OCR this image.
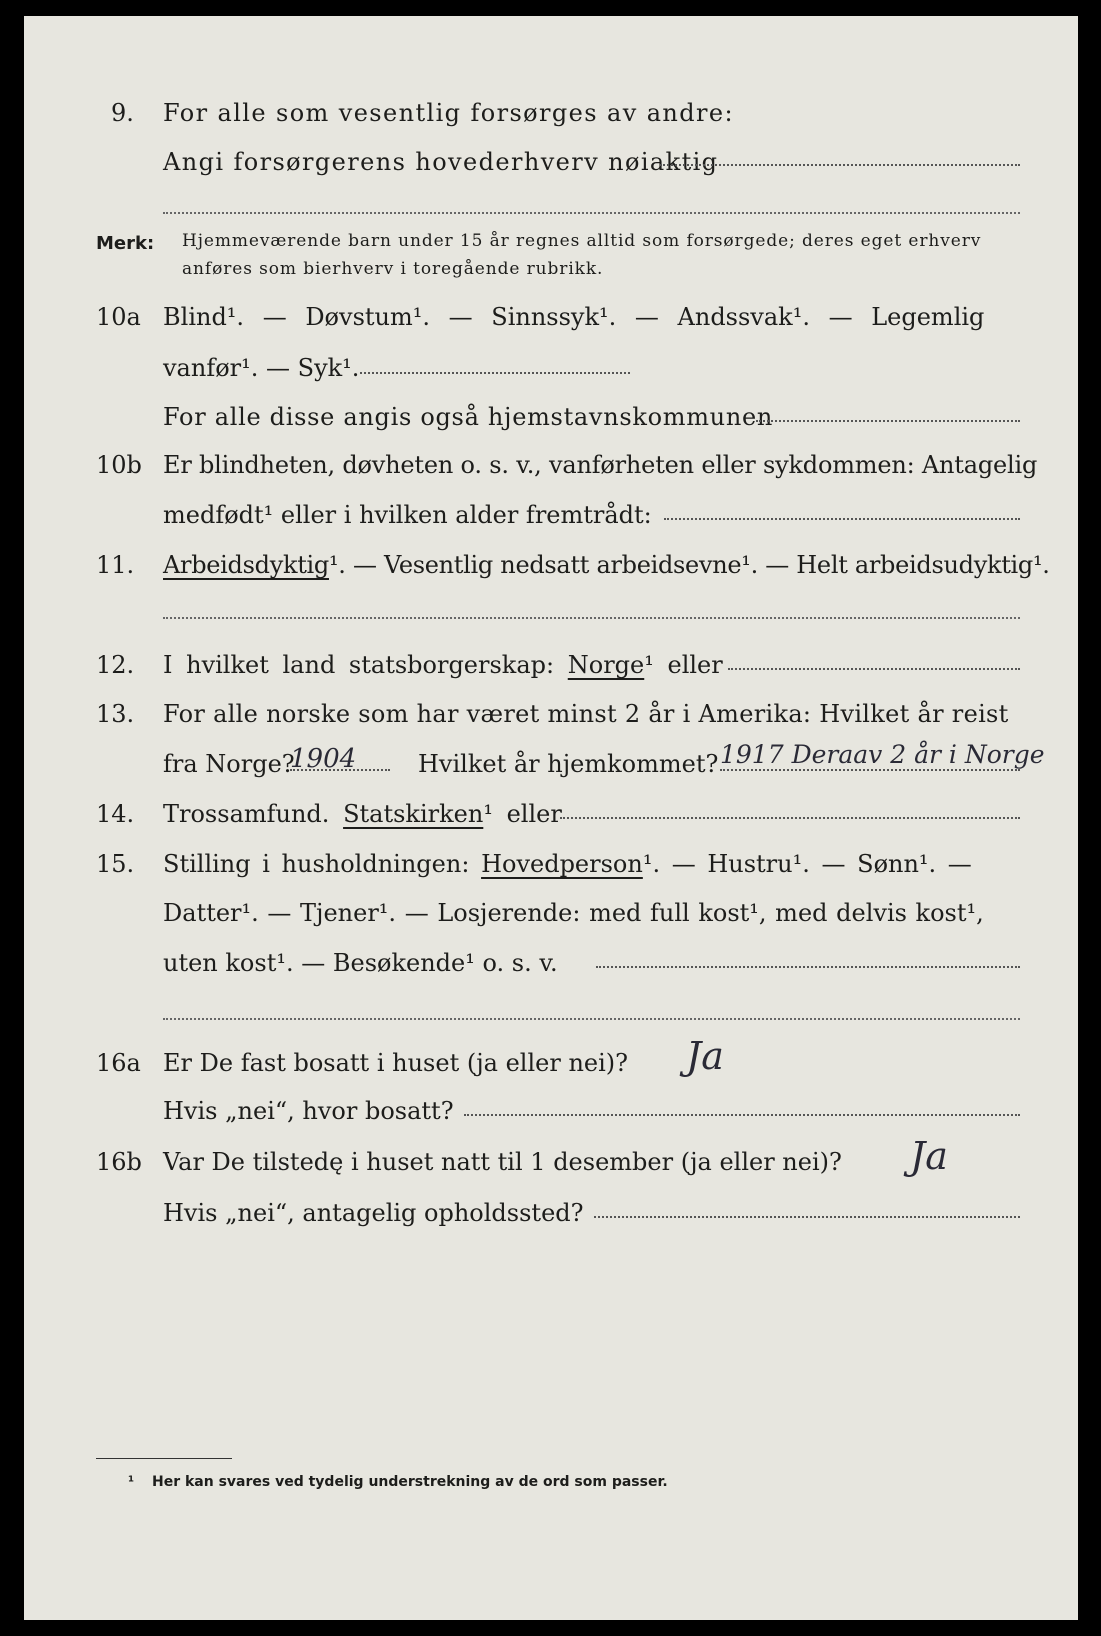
9. For alle som vesentlig forsørges av andre:
Angi forsørgerens hovederhverv nøiaktig
Merk: Hjemmeværende barn under 15 år regnes alltid som forsørgede; deres eget erhverv
anføres som bierhverv i toregående rubrikk.
10a Blind¹. — Døvstum¹. — Sinnssyk¹. — Andssvak¹. — Legemlig
vanfør¹. — Syk¹.
For alle disse angis også hjemstavnskommunen
10b Er blindheten, døvheten o. s. v., vanførheten eller sykdommen: Antagelig
medfødt¹ eller i hvilken alder fremtrådt:
11. Arbeidsdyktig¹. — Vesentlig nedsatt arbeidsevne¹. — Helt arbeidsudyktig¹.
12. I hvilket land statsborgerskap: Norge¹ eller
13. For alle norske som har været minst 2 år i Amerika: Hvilket år reist
fra Norge?
1904	Hvilket år hjemkommet? 1917 Deraav 2 år i Norge
14. Trossamfund. Statskirken¹ eller
15. Stilling i husholdningen: Hovedperson¹. — Hustru¹. — Sønn¹. —
Datter¹. — Tjener¹. — Losjerende: med full kost¹, med delvis kost¹,
uten kost¹. — Besøkende¹ o. s. v.
16a Er De fast bosatt i huset (ja eller nei)? Ja
Hvis „nei“, hvor bosatt?
16b Var De tilstedę i huset natt til 1 desember (ja eller nei)? Ja
Hvis „nei“, antagelig opholdssted?
¹ Her kan svares ved tydelig understrekning av de ord som passer.
